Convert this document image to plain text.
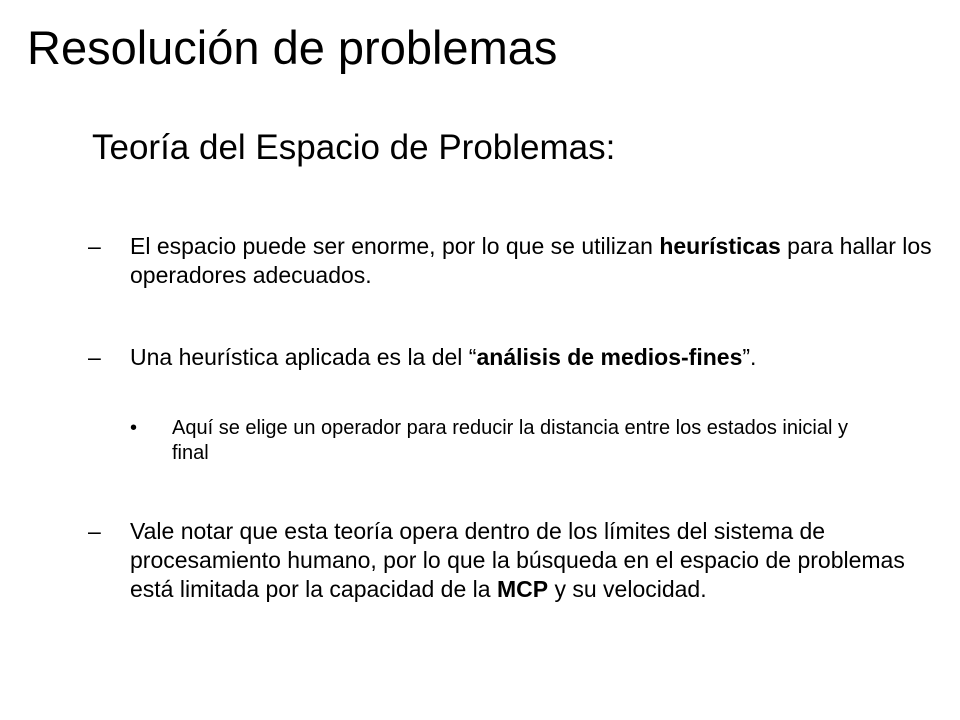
Resolución de problemas
Teoría del Espacio de Problemas:
– El espacio puede ser enorme, por lo que se utilizan heurísticas para hallar los operadores adecuados.
– Una heurística aplicada es la del “análisis de medios-fines”.
• Aquí se elige un operador para reducir la distancia entre los estados inicial y final
– Vale notar que esta teoría opera dentro de los límites del sistema de procesamiento humano, por lo que la búsqueda en el espacio de problemas está limitada por la capacidad de la MCP y su velocidad.
